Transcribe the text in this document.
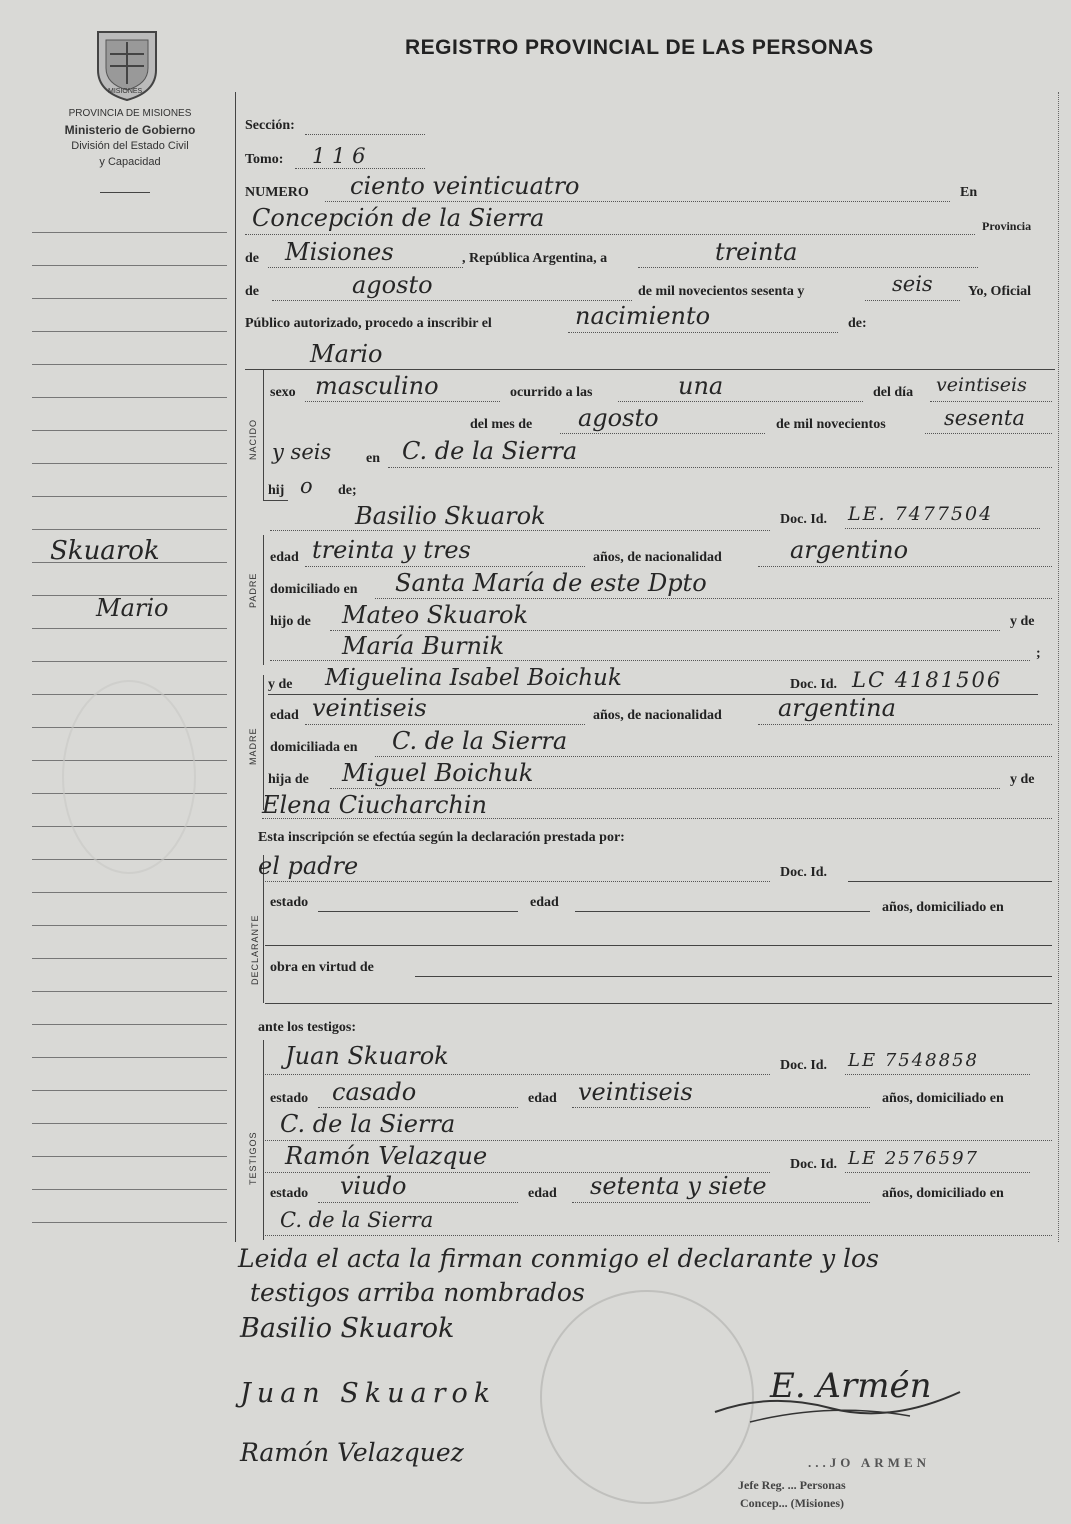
MISIONES
REGISTRO PROVINCIAL DE LAS PERSONAS
PROVINCIA DE MISIONES
Ministerio de Gobierno
División del Estado Civil
y Capacidad
Skuarok
Mario
Sección:
Tomo: 1 1 6
NUMERO ciento veinticuatro	En
Concepción de la Sierra	Provincia
de Misiones	, República Argentina, a	treinta
de	agosto	de mil novecientos sesenta y	seis	Yo, Oficial
Público autorizado, procedo a inscribir el	nacimiento	de:
NACIDO
Mario
sexo masculino	ocurrido a las	una	del día veintiseis
del mes de agosto	de mil novecientos	sesenta
y seis en C. de la Sierra
hij o de;
PADRE
Basilio Skuarok	Doc. Id. LE. 7477504
edad treinta y tres	años, de nacionalidad	argentino
domiciliado en Santa María de este Dpto
hijo de Mateo Skuarok	y de
María Burnik	;
MADRE
y de Miguelina Isabel Boichuk	Doc. Id. LC 4181506
edad veintiseis	años, de nacionalidad argentina
domiciliada en C. de la Sierra
hija de Miguel Boichuk	y de
Elena Ciucharchin
Esta inscripción se efectúa según la declaración prestada por:
DECLARANTE
el padre	Doc. Id.
estado	edad	años, domiciliado en
obra en virtud de
ante los testigos:
TESTIGOS
Juan Skuarok	Doc. Id. LE 7548858
estado casado	edad veintiseis	años, domiciliado en
C. de la Sierra
Ramón Velazque	Doc. Id. LE 2576597
estado viudo	edad setenta y siete	años, domiciliado en
C. de la Sierra
Leida el acta la firman conmigo el declarante y los
testigos arriba nombrados
Basilio Skuarok
Juan Skuarok	E. Armén
Ramón Velazquez	...JO ARMEN
Jefe Reg. ... Personas
Concep... (Misiones)
